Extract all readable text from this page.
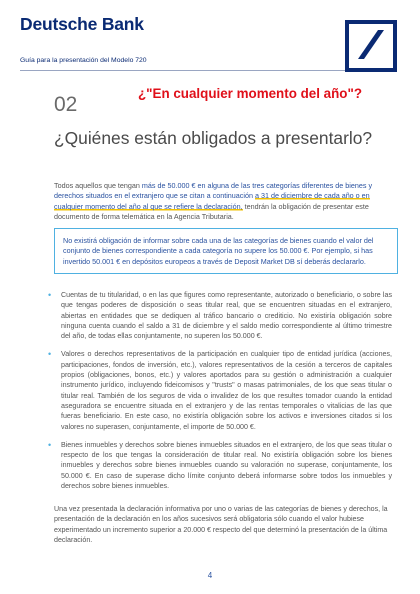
Deutsche Bank
Guía para la presentación del Modelo 720
02	¿"En cualquier momento del año"?
¿Quiénes están obligados a presentarlo?

Todos aquellos que tengan más de 50.000 € en alguna de las tres categorías diferentes de bienes y derechos situados en el extranjero que se citan a continuación a 31 de diciembre de cada año o en cualquier momento del año al que se refiere la declaración, tendrán la obligación de presentar este documento de forma telemática en la Agencia Tributaria.

No existirá obligación de informar sobre cada una de las categorías de bienes cuando el valor del conjunto de bienes correspondiente a cada categoría no supere los 50.000 €. Por ejemplo, si has invertido 50.001 € en depósitos europeos a través de Deposit Market DB sí deberás declararlo.
• Cuentas de tu titularidad, o en las que figures como representante, autorizado o beneficiario, o sobre las que tengas poderes de disposición o seas titular real, que se encuentren situadas en el extranjero, abiertas en entidades que se dediquen al tráfico bancario o crediticio. No existiría obligación sobre ninguna cuenta cuando el saldo a 31 de diciembre y el saldo medio correspondiente al último trimestre del año, de todas ellas conjuntamente, no superen los 50.000 €.
• Valores o derechos representativos de la participación en cualquier tipo de entidad jurídica (acciones, participaciones, fondos de inversión, etc.), valores representativos de la cesión a terceros de capitales propios (obligaciones, bonos, etc.) y valores aportados para su gestión o administración a cualquier instrumento jurídico, incluyendo fideicomisos y "trusts" o masas patrimoniales, de los que seas titular o titular real. También de los seguros de vida o invalidez de los que resultes tomador cuando la entidad aseguradora se encuentre situada en el extranjero y de las rentas temporales o vitalicias de las que fueras beneficiario. En este caso, no existiría obligación sobre los activos e inversiones citados si los valores no superasen, conjuntamente, el importe de 50.000 €.
• Bienes inmuebles y derechos sobre bienes inmuebles situados en el extranjero, de los que seas titular o respecto de los que tengas la consideración de titular real. No existiría obligación sobre los bienes inmuebles y derechos sobre bienes inmuebles cuando su valoración no superase, conjuntamente, los 50.000 €. En caso de superase dicho límite conjunto deberá informarse sobre todos los inmuebles y derechos sobre bienes inmuebles.

Una vez presentada la declaración informativa por uno o varias de las categorías de bienes y derechos, la presentación de la declaración en los años sucesivos será obligatoria sólo cuando el valor hubiese experimentado un incremento superior a 20.000 € respecto del que determinó la presentación de la última declaración.

4
